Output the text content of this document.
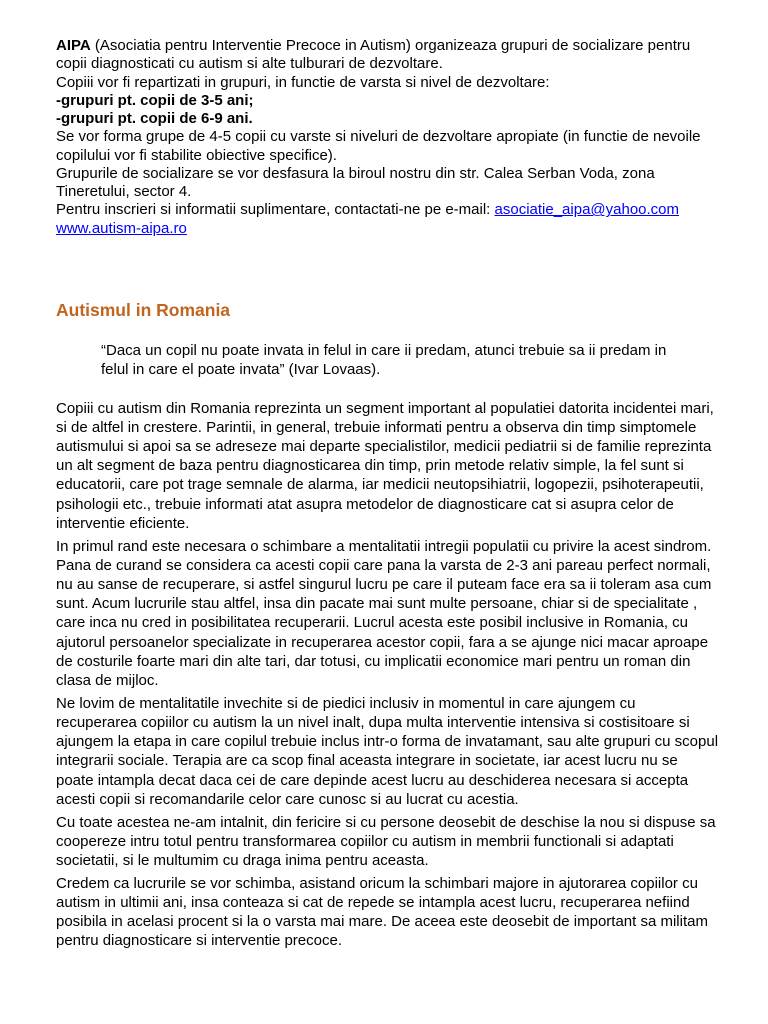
AIPA (Asociatia pentru Interventie Precoce in Autism) organizeaza grupuri de socializare pentru
copii diagnosticati cu autism si alte tulburari de dezvoltare.
Copiii vor fi repartizati in grupuri, in functie de varsta si nivel de dezvoltare:
-grupuri pt. copii de 3-5 ani;
-grupuri pt. copii de 6-9 ani.
Se vor forma grupe de 4-5 copii cu varste si niveluri de dezvoltare apropiate (in functie de nevoile
copilului vor fi stabilite obiective specifice).
Grupurile de socializare se vor desfasura la biroul nostru din str. Calea Serban Voda, zona
Tineretului, sector 4.
Pentru inscrieri si informatii suplimentare, contactati-ne pe e-mail: asociatie_aipa@yahoo.com
www.autism-aipa.ro
Autismul in Romania
“Daca un copil nu poate invata in felul in care ii predam, atunci trebuie sa ii predam in
felul in care el poate invata” (Ivar Lovaas).
Copiii cu autism din Romania reprezinta un segment important al populatiei datorita incidentei mari,
si de altfel in crestere. Parintii, in general, trebuie informati pentru a observa din timp simptomele
autismului si apoi sa se adreseze mai departe specialistilor, medicii pediatrii si de familie reprezinta
un alt segment de baza pentru diagnosticarea din timp, prin metode relativ simple, la fel sunt si
educatorii, care pot trage semnale de alarma, iar medicii neutopsihiatrii, logopezii, psihoterapeutii,
psihologii etc., trebuie informati atat asupra metodelor de diagnosticare cat si asupra celor de
interventie eficiente.
In primul rand este necesara o schimbare a mentalitatii intregii populatii cu privire la acest sindrom.
Pana de curand se considera ca acesti copii care pana la varsta de 2-3 ani pareau perfect normali,
nu au sanse de recuperare, si astfel singurul lucru pe care il puteam face era sa ii toleram asa cum
sunt. Acum lucrurile stau altfel, insa din pacate mai sunt multe persoane, chiar si de specialitate ,
care inca nu cred in posibilitatea recuperarii. Lucrul acesta este posibil inclusive in Romania, cu
ajutorul persoanelor specializate in recuperarea acestor copii, fara a se ajunge nici macar aproape
de costurile foarte mari din alte tari, dar totusi, cu implicatii economice mari pentru un roman din
clasa de mijloc.
Ne lovim de mentalitatile invechite si de piedici inclusiv in momentul in care ajungem cu
recuperarea copiilor cu autism la un nivel inalt, dupa multa interventie intensiva si costisitoare si
ajungem la etapa in care copilul trebuie inclus intr-o forma de invatamant, sau alte grupuri cu scopul
integrarii sociale. Terapia are ca scop final aceasta integrare in societate, iar acest lucru nu se
poate intampla decat daca cei de care depinde acest lucru au deschiderea necesara si accepta
acesti copii si recomandarile celor care cunosc si au lucrat cu acestia.
Cu toate acestea ne-am intalnit, din fericire si cu persone deosebit de deschise la nou si dispuse sa
coopereze intru totul pentru transformarea copiilor cu autism in membrii functionali si adaptati
societatii, si le multumim cu draga inima pentru aceasta.
Credem ca lucrurile se vor schimba, asistand oricum la schimbari majore in ajutorarea copiilor cu
autism in ultimii ani, insa conteaza si cat de repede se intampla acest lucru, recuperarea nefiind
posibila in acelasi procent si la o varsta mai mare. De aceea este deosebit de important sa militam
pentru diagnosticare si interventie precoce.
